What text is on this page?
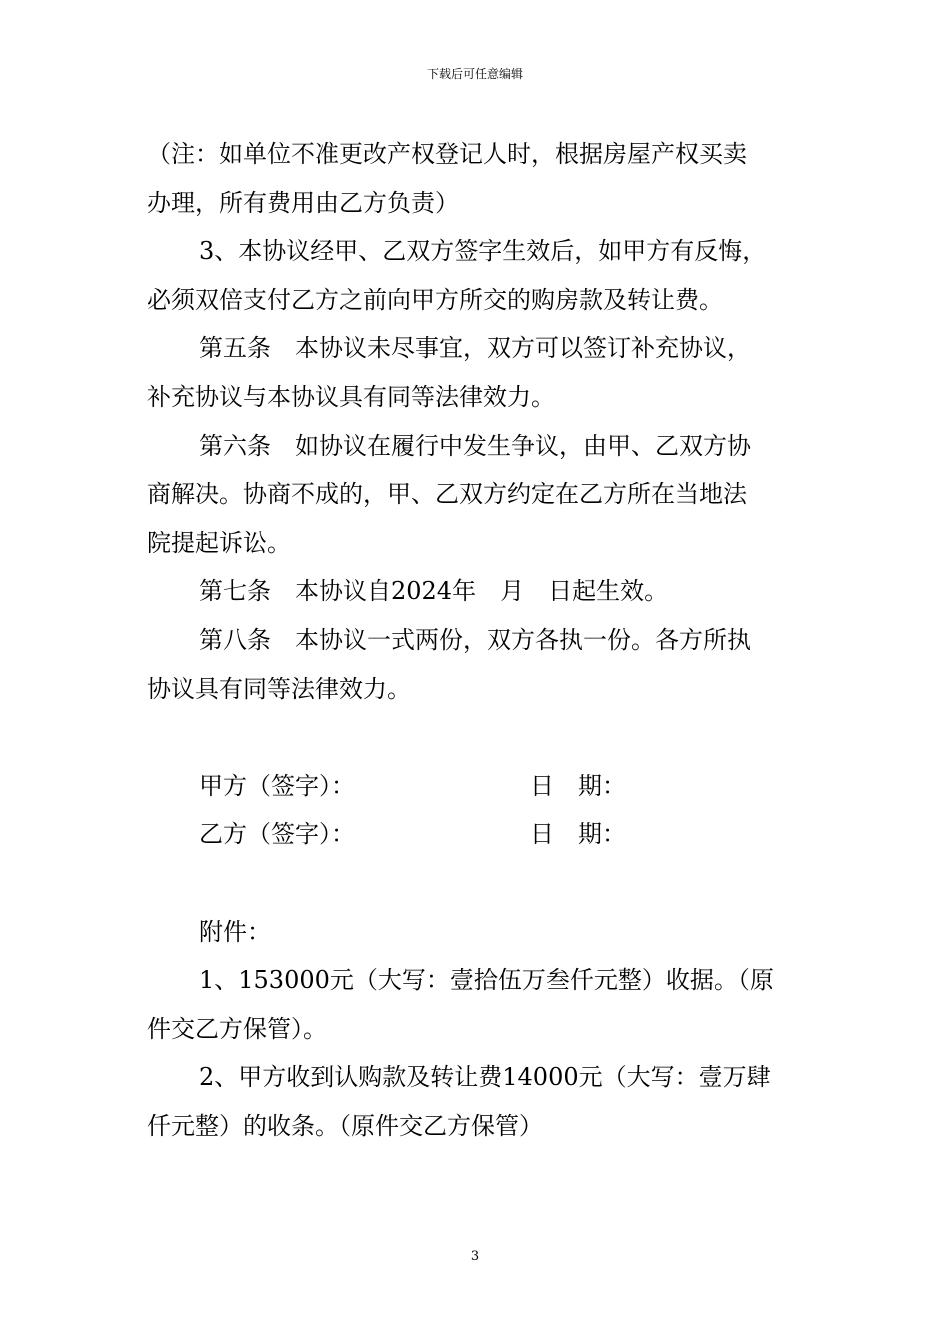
下载后可任意编辑

（注：如单位不准更改产权登记人时，根据房屋产权买卖

办理，所有费用由乙方负责）

3、本协议经甲、乙双方签字生效后，如甲方有反悔，

必须双倍支付乙方之前向甲方所交的购房款及转让费。

第五条　本协议未尽事宜，双方可以签订补充协议，

补充协议与本协议具有同等法律效力。

第六条　如协议在履行中发生争议，由甲、乙双方协

商解决。协商不成的，甲、乙双方约定在乙方所在当地法

院提起诉讼。

第七条　本协议自2024年　月　日起生效。

第八条　本协议一式两份，双方各执一份。各方所执

协议具有同等法律效力。

甲方（签字）：	日　期：
乙方（签字）：	日　期：

附件：

1、153000元（大写：壹拾伍万叁仟元整）收据。（原

件交乙方保管）。

2、甲方收到认购款及转让费14000元（大写：壹万肆

仟元整）的收条。（原件交乙方保管）

3
